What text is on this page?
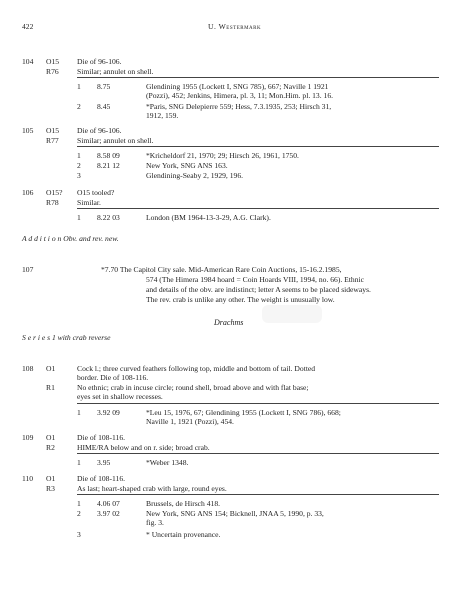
422	U. Westermark
104 O15 Die of 96-106.
R76 Similar; annulet on shell.
1 8.75	Glendining 1955 (Lockett I, SNG 785), 667; Naville 1 1921
(Pozzi), 452; Jenkins, Himera, pl. 3, 11; Mon.Him. pl. 13. 16.
2 8.45	*Paris, SNG Delepierre 559; Hess, 7.3.1935, 253; Hirsch 31,
1912, 159.
105 O15 Die of 96-106.
R77 Similar; annulet on shell.
1 8.58 09	*Kricheldorf 21, 1970; 29; Hirsch 26, 1961, 1750.
2 8.21 12	New York, SNG ANS 163.
3	Glendining-Seaby 2, 1929, 196.
106 O15? O15 tooled?
R78 Similar.
1 8.22 03	London (BM 1964-13-3-29, A.G. Clark).
A d d i t i o n Obv. and rev. new.
107	*7.70 The Capitol City sale. Mid-American Rare Coin Auctions, 15-16.2.1985,
574 (The Himera 1984 hoard = Coin Hoards VIII, 1994, no. 66). Ethnic
and details of the obv. are indistinct; letter A seems to be placed sideways.
The rev. crab is unlike any other. The weight is unusually low.
Drachms
S e r i e s 1 with crab reverse
108 O1	Cock l.; three curved feathers following top, middle and bottom of tail. Dotted
border. Die of 108-116.
R1	No ethnic; crab in incuse circle; round shell, broad above and with flat base;
eyes set in shallow recesses.
1 3.92 09	*Leu 15, 1976, 67; Glendining 1955 (Lockett I, SNG 786), 668;
Naville 1, 1921 (Pozzi), 454.
109 O1	Die of 108-116.
R2	HIME/RA below and on r. side; broad crab.
1 3.95	*Weber 1348.
110 O1	Die of 108-116.
R3	As last; heart-shaped crab with large, round eyes.
1 4.06 07	Brussels, de Hirsch 418.
2 3.97 02	New York, SNG ANS 154; Bicknell, JNAA 5, 1990, p. 33,
fig. 3.
3	* Uncertain provenance.
